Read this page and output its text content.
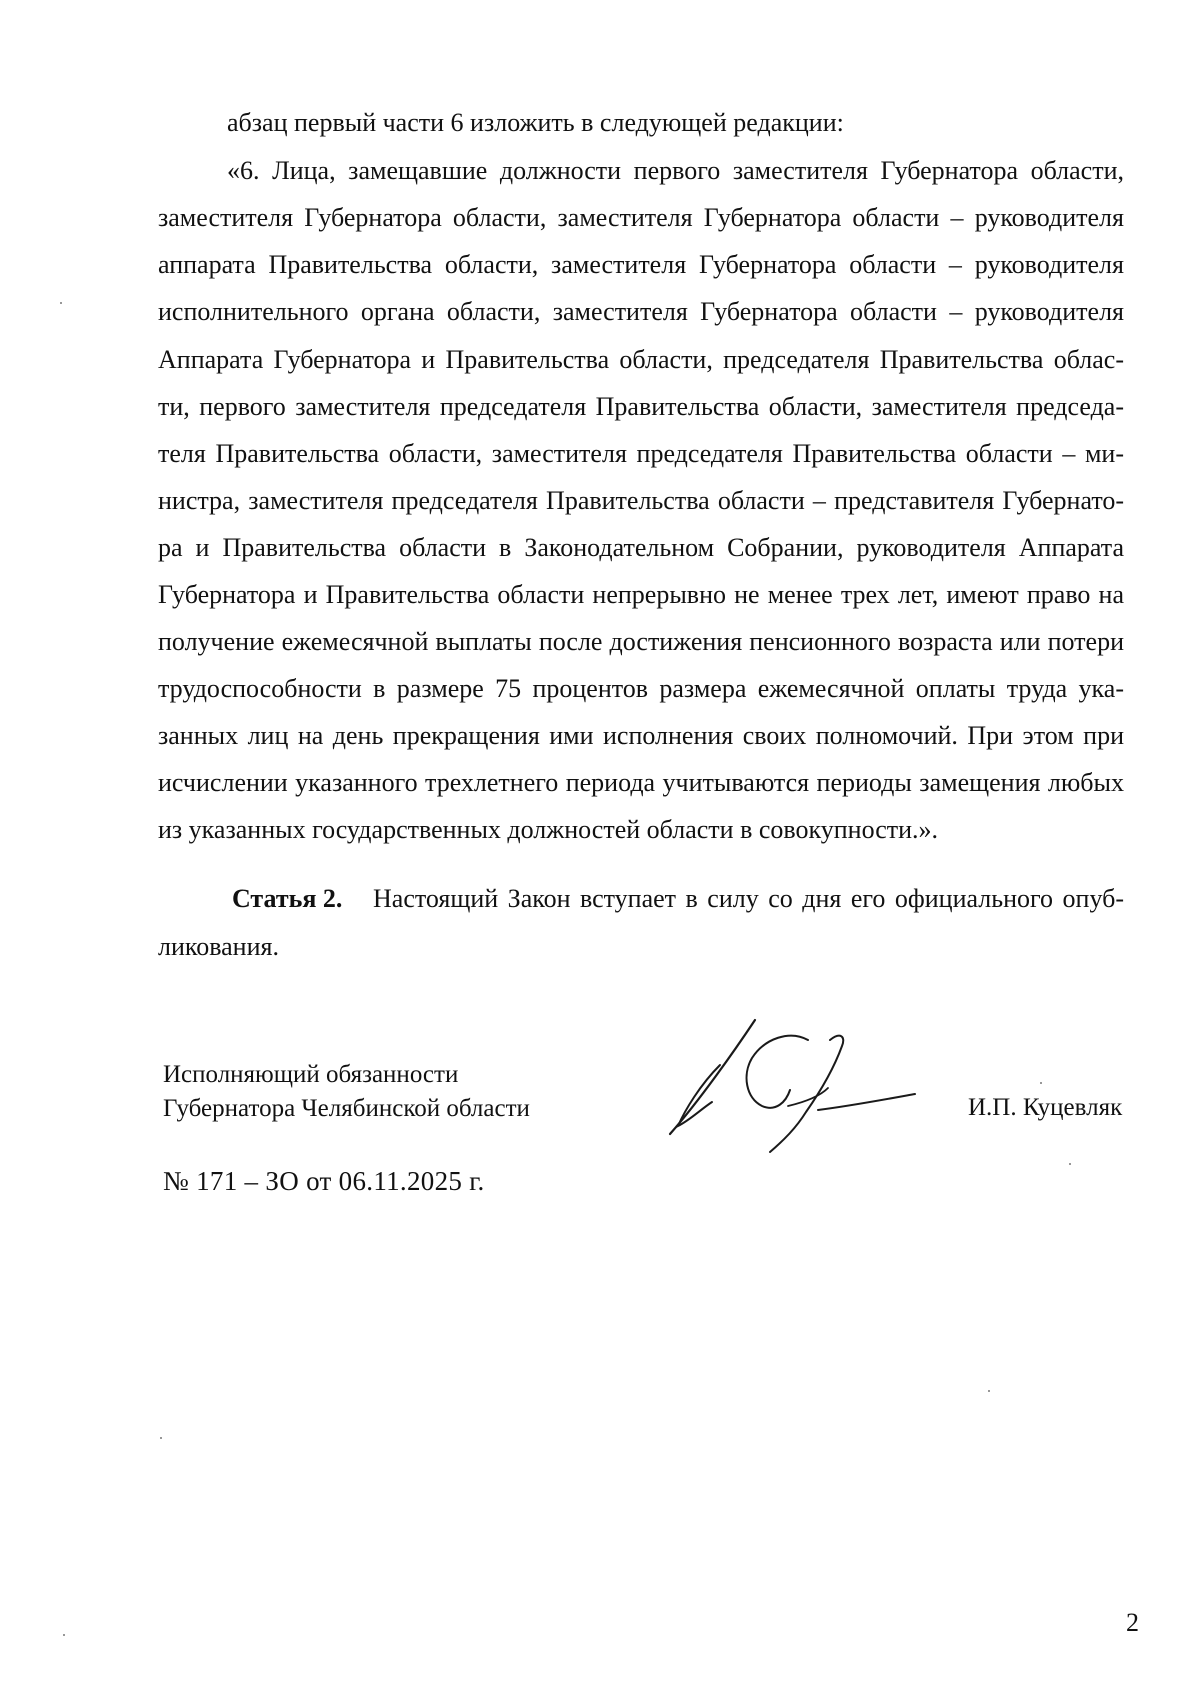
абзац первый части 6 изложить в следующей редакции:
«6. Лица, замещавшие должности первого заместителя Губернатора области,
заместителя Губернатора области, заместителя Губернатора области – руководителя
аппарата Правительства области, заместителя Губернатора области – руководителя
исполнительного органа области, заместителя Губернатора области – руководителя
Аппарата Губернатора и Правительства области, председателя Правительства облас-
ти, первого заместителя председателя Правительства области, заместителя председа-
теля Правительства области, заместителя председателя Правительства области – ми-
нистра, заместителя председателя Правительства области – представителя Губернато-
ра и Правительства области в Законодательном Собрании, руководителя Аппарата
Губернатора и Правительства области непрерывно не менее трех лет, имеют право на
получение ежемесячной выплаты после достижения пенсионного возраста или потери
трудоспособности в размере 75 процентов размера ежемесячной оплаты труда ука-
занных лиц на день прекращения ими исполнения своих полномочий. При этом при
исчислении указанного трехлетнего периода учитываются периоды замещения любых
из указанных государственных должностей области в совокупности.».
Статья 2. Настоящий Закон вступает в силу со дня его официального опуб-
ликования.
Исполняющий обязанности
Губернатора Челябинской области	И.П. Куцевляк
№ 171 – ЗО от 06.11.2025 г.
2
